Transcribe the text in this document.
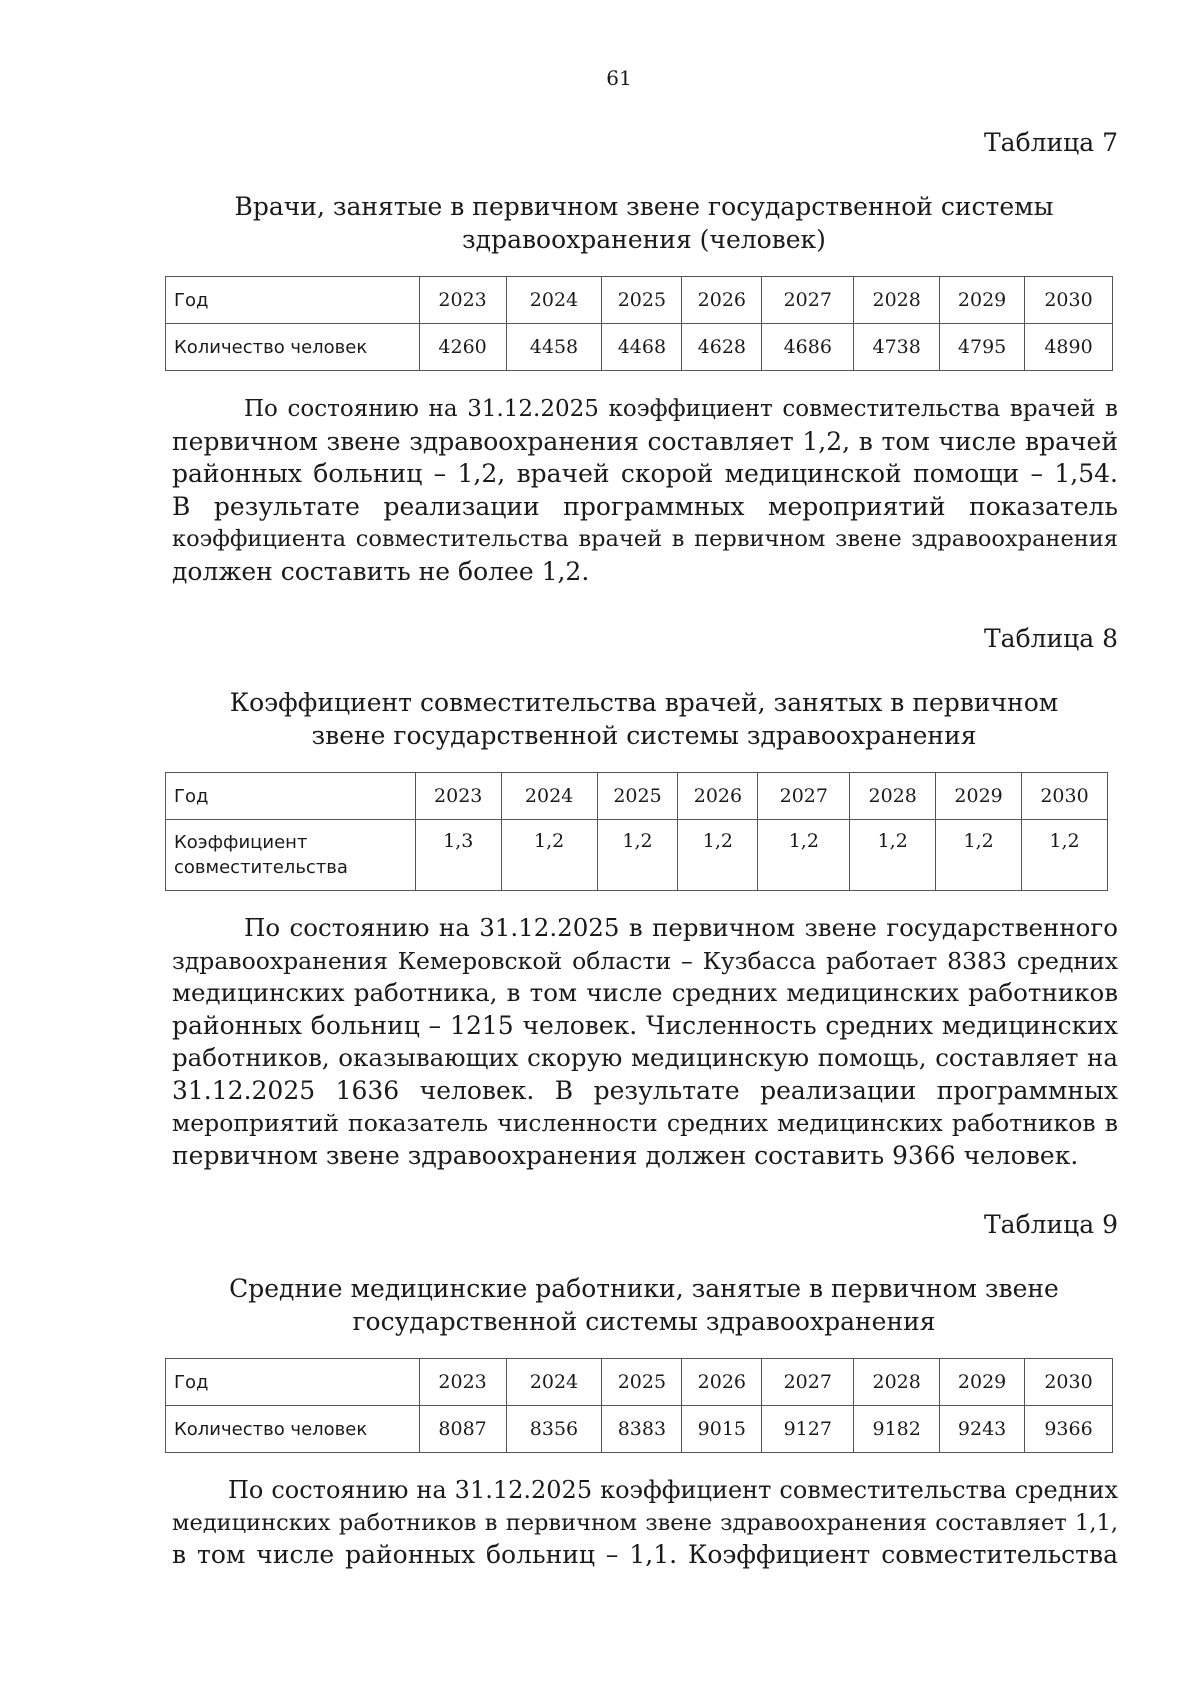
61
Таблица 7
Врачи, занятые в первичном звене государственной системы
здравоохранения (человек)
Год	2023	2024	2025	2026	2027	2028	2029	2030
Количество человек	4260	4458	4468	4628	4686	4738	4795	4890
По состоянию на 31.12.2025 коэффициент совместительства врачей в
первичном звене здравоохранения составляет 1,2, в том числе врачей
районных больниц – 1,2, врачей скорой медицинской помощи – 1,54.
В результате реализации программных мероприятий показатель
коэффициента совместительства врачей в первичном звене здравоохранения
должен составить не более 1,2.
Таблица 8
Коэффициент совместительства врачей, занятых в первичном
звене государственной системы здравоохранения
Год	2023	2024	2025	2026	2027	2028	2029	2030

Коэффициент
совместительства	1,3	1,2	1,2	1,2	1,2	1,2	1,2	1,2
По состоянию на 31.12.2025 в первичном звене государственного
здравоохранения Кемеровской области – Кузбасса работает 8383 средних
медицинских работника, в том числе средних медицинских работников
районных больниц – 1215 человек. Численность средних медицинских
работников, оказывающих скорую медицинскую помощь, составляет на
31.12.2025 1636 человек. В результате реализации программных
мероприятий показатель численности средних медицинских работников в
первичном звене здравоохранения должен составить 9366 человек.
Таблица 9
Средние медицинские работники, занятые в первичном звене
государственной системы здравоохранения
Год	2023	2024	2025	2026	2027	2028	2029	2030
Количество человек	8087	8356	8383	9015	9127	9182	9243	9366
По состоянию на 31.12.2025 коэффициент совместительства средних
медицинских работников в первичном звене здравоохранения составляет 1,1,
в том числе районных больниц – 1,1. Коэффициент совместительства
